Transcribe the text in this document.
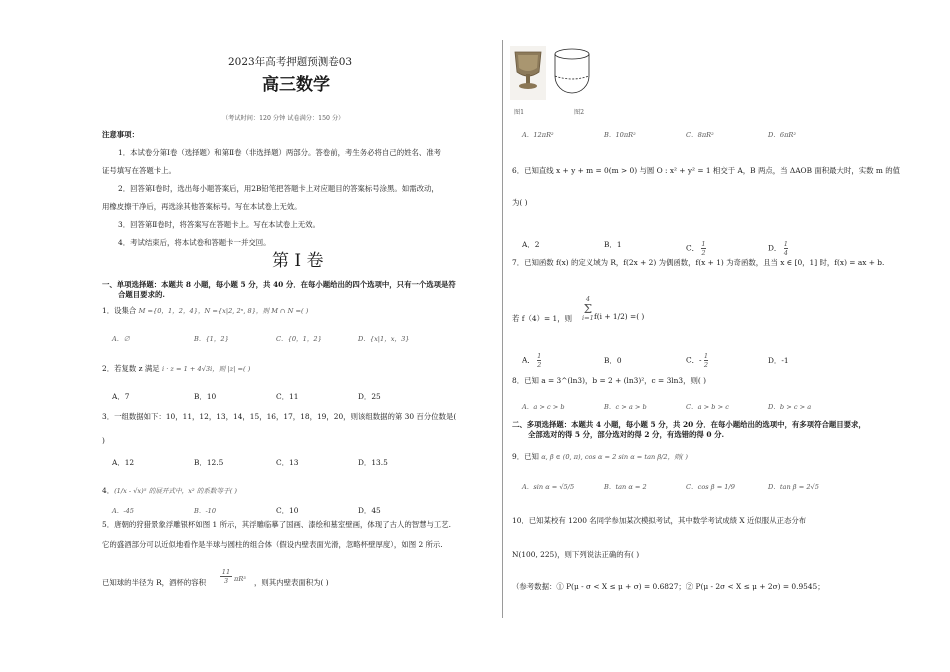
2023年高考押题预测卷03
高三数学
（考试时间：120 分钟 试卷满分：150 分）
注意事项：
1．本试卷分第Ⅰ卷（选择题）和第Ⅱ卷（非选择题）两部分。答卷前，考生务必将自己的姓名、准考
证号填写在答题卡上。
2．回答第Ⅰ卷时，选出每小题答案后，用2B铅笔把答题卡上对应题目的答案标号涂黑。如需改动，
用橡皮擦干净后，再选涂其他答案标号。写在本试卷上无效。
3．回答第Ⅱ卷时，将答案写在答题卡上。写在本试卷上无效。
4．考试结束后，将本试卷和答题卡一并交回。
第 I 卷
一、单项选择题：本题共 8 小题，每小题 5 分，共 40 分．在每小题给出的四个选项中，只有一个选项是符
合题目要求的.
1．设集合 M ={0，1，2，4}，N ={x|2, 2ⁿ, 8}，则 M ∩ N =( )
A．∅	B．{1，2}	C．{0，1，2}	D．{x|1，x，3}
2．若复数 z 满足 i · z = 1 + 4√3i，则 |z| =( )
A．7	B．10	C．11	D．25
3．一组数据如下：10，11，12，13，14，15，16，17，18，19，20，则该组数据的第 30 百分位数是(
)
A．12	B．12.5	C．13	D．13.5
4．(1/x - √x)⁵ 的展开式中，x² 的系数等于( )
A．-45	B．-10	C．10	D．45
5．唐朝的狩猎景象浮雕银杯如图 1 所示，其浮雕临摹了国画、漆绘和墓室壁画，体现了古人的智慧与工艺.
它的盛酒部分可以近似地看作是半球与圆柱的组合体（假设内壁表面光滑，忽略杯壁厚度），如图 2 所示.
已知球的半径为 R，酒杯的容积
11
3 πR³ ，则其内壁表面积为( )
图1	图2
A．12πR²	B．10πR²	C．8πR²	D．6πR²
6．已知直线 x + y + m = 0(m > 0) 与圆 O : x² + y² = 1 相交于 A，B 两点，当 ΔAOB 面积最大时，实数 m 的值
为( )
A．2	B．1	C． $\frac{1}{2}$	D． $\frac{1}{4}$
7．已知函数 f(x) 的定义域为 R，f(2x + 2) 为偶函数，f(x + 1) 为奇函数，且当 x ∈ [0，1] 时，f(x) = ax + b.
4
Σ
i=1
若 f（4）= 1，则	f(i + 1/2) =( )
A． $\frac{1}{2}$	B．0	C．- $\frac{1}{2}$	D．-1
8．已知 a = 3^(ln3)，b = 2 + (ln3)²，c = 3ln3，则( )
A．a > c > b	B．c > a > b	C．a > b > c	D．b > c > a
二、多项选择题：本题共 4 小题，每小题 5 分，共 20 分．在每小题给出的选项中，有多项符合题目要求，
全部选对的得 5 分，部分选对的得 2 分，有选错的得 0 分.
9．已知 α, β ∈ (0, π), cos α = 2 sin α = tan β/2，则( )
A．sin α = √5/5	B．tan α = 2	C．cos β = 1/9	D．tan β = 2√5
10．已知某校有 1200 名同学参加某次模拟考试，其中数学考试成绩 X 近似服从正态分布
N(100, 225)，则下列说法正确的有( )
（参考数据：① P(μ - σ < X ≤ μ + σ) = 0.6827；② P(μ - 2σ < X ≤ μ + 2σ) = 0.9545；
